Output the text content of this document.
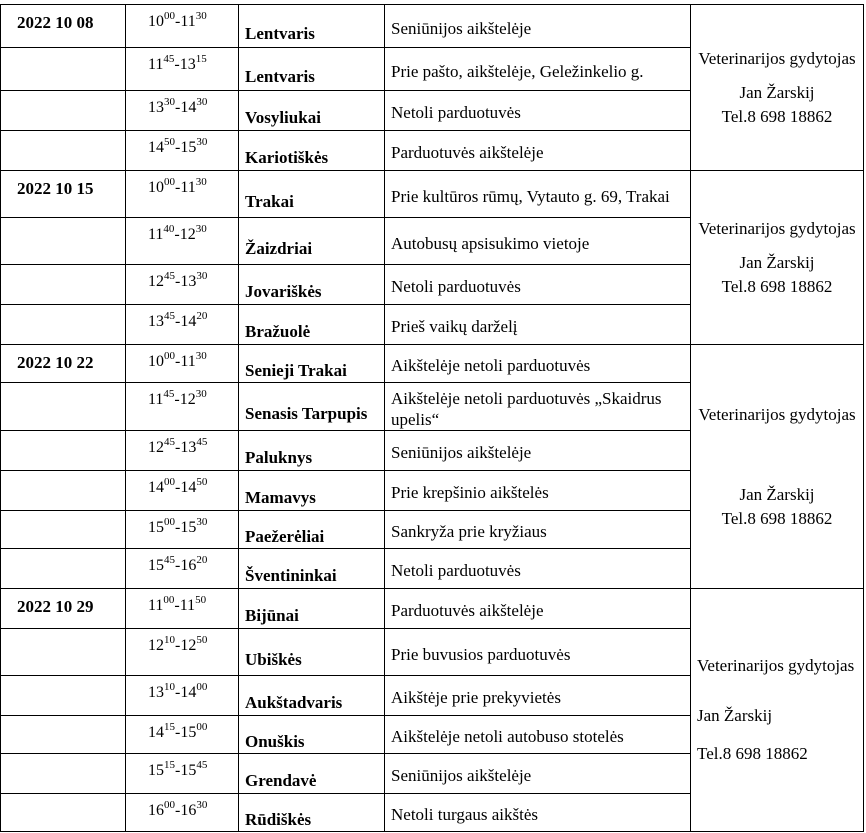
2022 10 08	$10^{00}-11^{30}$	Lentvaris	Seniūnijos aikštelėje	Veterinarijos gydytojas
Jan Žarskij
Tel.8 698 18862

	$11^{45}-13^{15}$	Lentvaris	Prie pašto, aikštelėje, Geležinkelio g.	
	$13^{30}-14^{30}$	Vosyliukai	Netoli parduotuvės	
	$14^{50}-15^{30}$	Kariotiškės	Parduotuvės aikštelėje	
2022 10 15	$10^{00}-11^{30}$	Trakai	Prie kultūros rūmų, Vytauto g. 69, Trakai	Veterinarijos gydytojas
Jan Žarskij
Tel.8 698 18862

	$11^{40}-12^{30}$	Žaizdriai	Autobusų apsisukimo vietoje	
	$12^{45}-13^{30}$	Jovariškės	Netoli parduotuvės	
	$13^{45}-14^{20}$	Bražuolė	Prieš vaikų darželį	
2022 10 22	$10^{00}-11^{30}$	Senieji Trakai	Aikštelėje netoli parduotuvės	Veterinarijos gydytojas
Jan Žarskij
Tel.8 698 18862

	$11^{45}-12^{30}$	Senasis Tarpupis	Aikštelėje netoli parduotuvės „Skaidrus upelis“	
	$12^{45}-13^{45}$	Paluknys	Seniūnijos aikštelėje	
	$14^{00}-14^{50}$	Mamavys	Prie krepšinio aikštelės	
	$15^{00}-15^{30}$	Paežerėliai	Sankryža prie kryžiaus	
	$15^{45}-16^{20}$	Šventininkai	Netoli parduotuvės	
2022 10 29	$11^{00}-11^{50}$	Bijūnai	Parduotuvės aikštelėje	Veterinarijos gydytojas
Jan Žarskij
Tel.8 698 18862

	$12^{10}-12^{50}$	Ubiškės	Prie buvusios parduotuvės	
	$13^{10}-14^{00}$	Aukštadvaris	Aikštėje prie prekyvietės	
	$14^{15}-15^{00}$	Onuškis	Aikštelėje netoli autobuso stotelės	
	$15^{15}-15^{45}$	Grendavė	Seniūnijos aikštelėje	
	$16^{00}-16^{30}$	Rūdiškės	Netoli turgaus aikštės	
